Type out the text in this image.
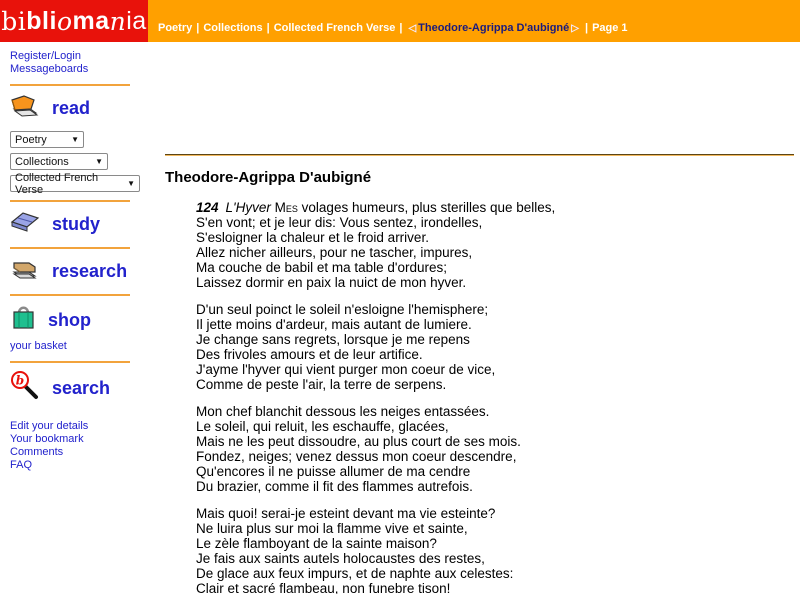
bi bli o ma n ia	Poetry | Collections | Collected French Verse | ◁ Theodore-Agrippa D'aubigné ▷ | Page 1
Register/Login
Messageboards
read
Poetry	▼
Collections	▼
Collected French Verse	▼
study
research
shop
your basket
b search
Edit your details
Your bookmark
Comments
FAQ
Theodore-Agrippa D'aubigné
124 L'Hyver Mes volages humeurs, plus sterilles que belles,
S'en vont; et je leur dis: Vous sentez, irondelles,
S'esloigner la chaleur et le froid arriver.
Allez nicher ailleurs, pour ne tascher, impures,
Ma couche de babil et ma table d'ordures;
Laissez dormir en paix la nuict de mon hyver.
D'un seul poinct le soleil n'esloigne l'hemisphere;
Il jette moins d'ardeur, mais autant de lumiere.
Je change sans regrets, lorsque je me repens
Des frivoles amours et de leur artifice.
J'ayme l'hyver qui vient purger mon coeur de vice,
Comme de peste l'air, la terre de serpens.
Mon chef blanchit dessous les neiges entassées.
Le soleil, qui reluit, les eschauffe, glacées,
Mais ne les peut dissoudre, au plus court de ses mois.
Fondez, neiges; venez dessus mon coeur descendre,
Qu'encores il ne puisse allumer de ma cendre
Du brazier, comme il fit des flammes autrefois.
Mais quoi! serai-je esteint devant ma vie esteinte?
Ne luira plus sur moi la flamme vive et sainte,
Le zèle flamboyant de la sainte maison?
Je fais aux saints autels holocaustes des restes,
De glace aux feux impurs, et de naphte aux celestes:
Clair et sacré flambeau, non funebre tison!
